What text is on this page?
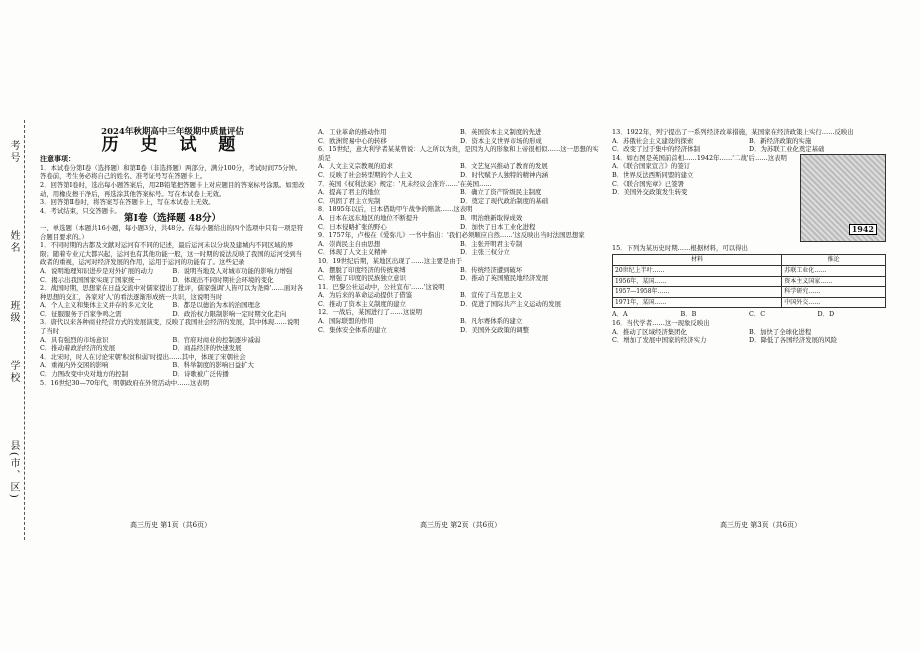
考号
姓名
班级
学校
县(市、区)

2024年秋期高中三年级期中质量评估

历 史 试 题

注意事项：

1．本试卷分第Ⅰ卷（选择题）和第Ⅱ卷（非选择题）两部分，满分100分，考试时间75分钟。答卷前，考生务必将自己的姓名、准考证号写在答题卡上。

2．回答第Ⅰ卷时，选出每小题答案后，用2B铅笔把答题卡上对应题目的答案标号涂黑。如需改动，用橡皮擦干净后，再选涂其他答案标号。写在本试卷上无效。

3．回答第Ⅱ卷时，将答案写在答题卡上，写在本试卷上无效。

4．考试结束，只交答题卡。

第Ⅰ卷（选择题 48分）

一、单选题（本题共16小题，每小题3分，共48分。在每小题给出的四个选项中只有一项是符合题目要求的。）

1．不同时期的古都及文献对运河有不同的记述，最后运河未以分块及建城内不同区域的界限；随着专业元大都兴起，运河也有其他功能一般，这一时期的说法反映了我国的运河受到当政者的重视，运河对经济发展的作用，运用于运河的功能有了。这些记录

A．说明地理知识进步是对外扩展的动力	B．说明当地及人对城市功能的影响力增强
C．揭示出我国国家实现了国家统一	D．体现出不同时期社会环境的变化

2．战国时期，思想家在日益交流中对儒家提出了批评，儒家强调'人皆可以为尧舜'……面对各种思想的交汇，各家对'人'的看法逐渐形成统一共识，这说明当时

A．个人主义和集体主义并存的多元文化	B．都是以德治为本的治国理念
C．征服服务于百家争鸣之需	D．政治权力限制影响一定时期文化走向

3．唐代以来各种商业经营方式的发展演变，反映了我国社会经济的发展，其中体现……说明了当时

A．具有强烈的市场意识	B．官府对商业的控制逐步减弱
C．推动着政治经济的发展	D．商品经济的快速发展

4．北宋时，时人在讨论宋朝'积贫积弱'时提出……其中，体现了宋朝社会

A．重视内外交困的影响	B．科举制度的影响日益扩大
C．力图改变中央对地方的控制	D．诗歌被广泛传播

5．16世纪30—70年代，明朝政府在外贸活动中……这表明

高三历史 第1页（共6页）
A．工业革命的推动作用	B．英国资本主义制度的先进
C．欧洲贸易中心的转移	D．资本主义世界市场的形成

6．15世纪，意大利学者某某曾说：人之所以为贵，是因为人的形象和上帝很相似……这一思想的实质是

A．人文主义宗教观的追求	B．文艺复兴推动了教育的发展
C．反映了社会转型期的个人主义	D．时代赋予人独特的精神内涵

7．英国《权利法案》规定：'凡未经议会准许……'在英国……

A．提高了君主的地位	B．确立了资产阶级民主制度
C．巩固了君主立宪制	D．奠定了现代政治制度的基础

8．1895年以后，日本借助甲午战争的赔款……这表明

A．日本在远东地区的地位不断提升	B．明治维新取得成效
C．日本侵略扩张的野心	D．加快了日本工业化进程

9．1757年，卢梭在《爱弥儿》一书中指出：'我们必须顺应自然……'这反映出当时法国思想家

A．崇尚民主自由思想	B．主张开明君主专制
C．体现了人文主义精神	D．主张三权分立

10．19世纪后期，某地区出现了……这主要是由于

A．摆脱了印度经济的传统束缚	B．传统经济遭到破坏
C．增强了印度的民族独立意识	D．推动了英国殖民地经济发展

11．巴黎公社运动中，公社宣布'……'这说明

A．为后来的革命运动提供了借鉴	B．宣传了马克思主义
C．推动了资本主义制度的建立	D．促进了国际共产主义运动的发展

12．一战后，某国进行了……这说明

A．国际联盟的作用	B．凡尔赛体系的建立
C．集体安全体系的建立	D．美国外交政策的调整
高三历史 第2页（共6页）

13．1922年，列宁提出了一系列经济改革措施，某国家在经济政策上实行……反映出

A．苏俄社会主义建设的探索	B．新经济政策的实施
C．改变了过于集中的经济体制	D．为苏联工业化奠定基础
1942

14．如右图是英国前首相……1942年……'二战'后……这表明

A．《联合国家宣言》的签订

B．世界反法西斯同盟的建立

C．《联合国宪章》已签署

D．美国外交政策发生转变

15．下列为某历史时期……根据材料，可以得出

材料	推论
20世纪上半叶……	苏联工业化……
1956年，某国……	资本主义国家……
1957—1958年……	科学研究……
1971年，某国……	中国外交……
A．A	B．B	C．C	D．D

16．当代学者……这一现象反映出

A．推动了区域经济集团化	B．加快了全球化进程
C．增加了发展中国家的经济实力	D．降低了各国经济发展的风险
高三历史 第3页（共6页）
